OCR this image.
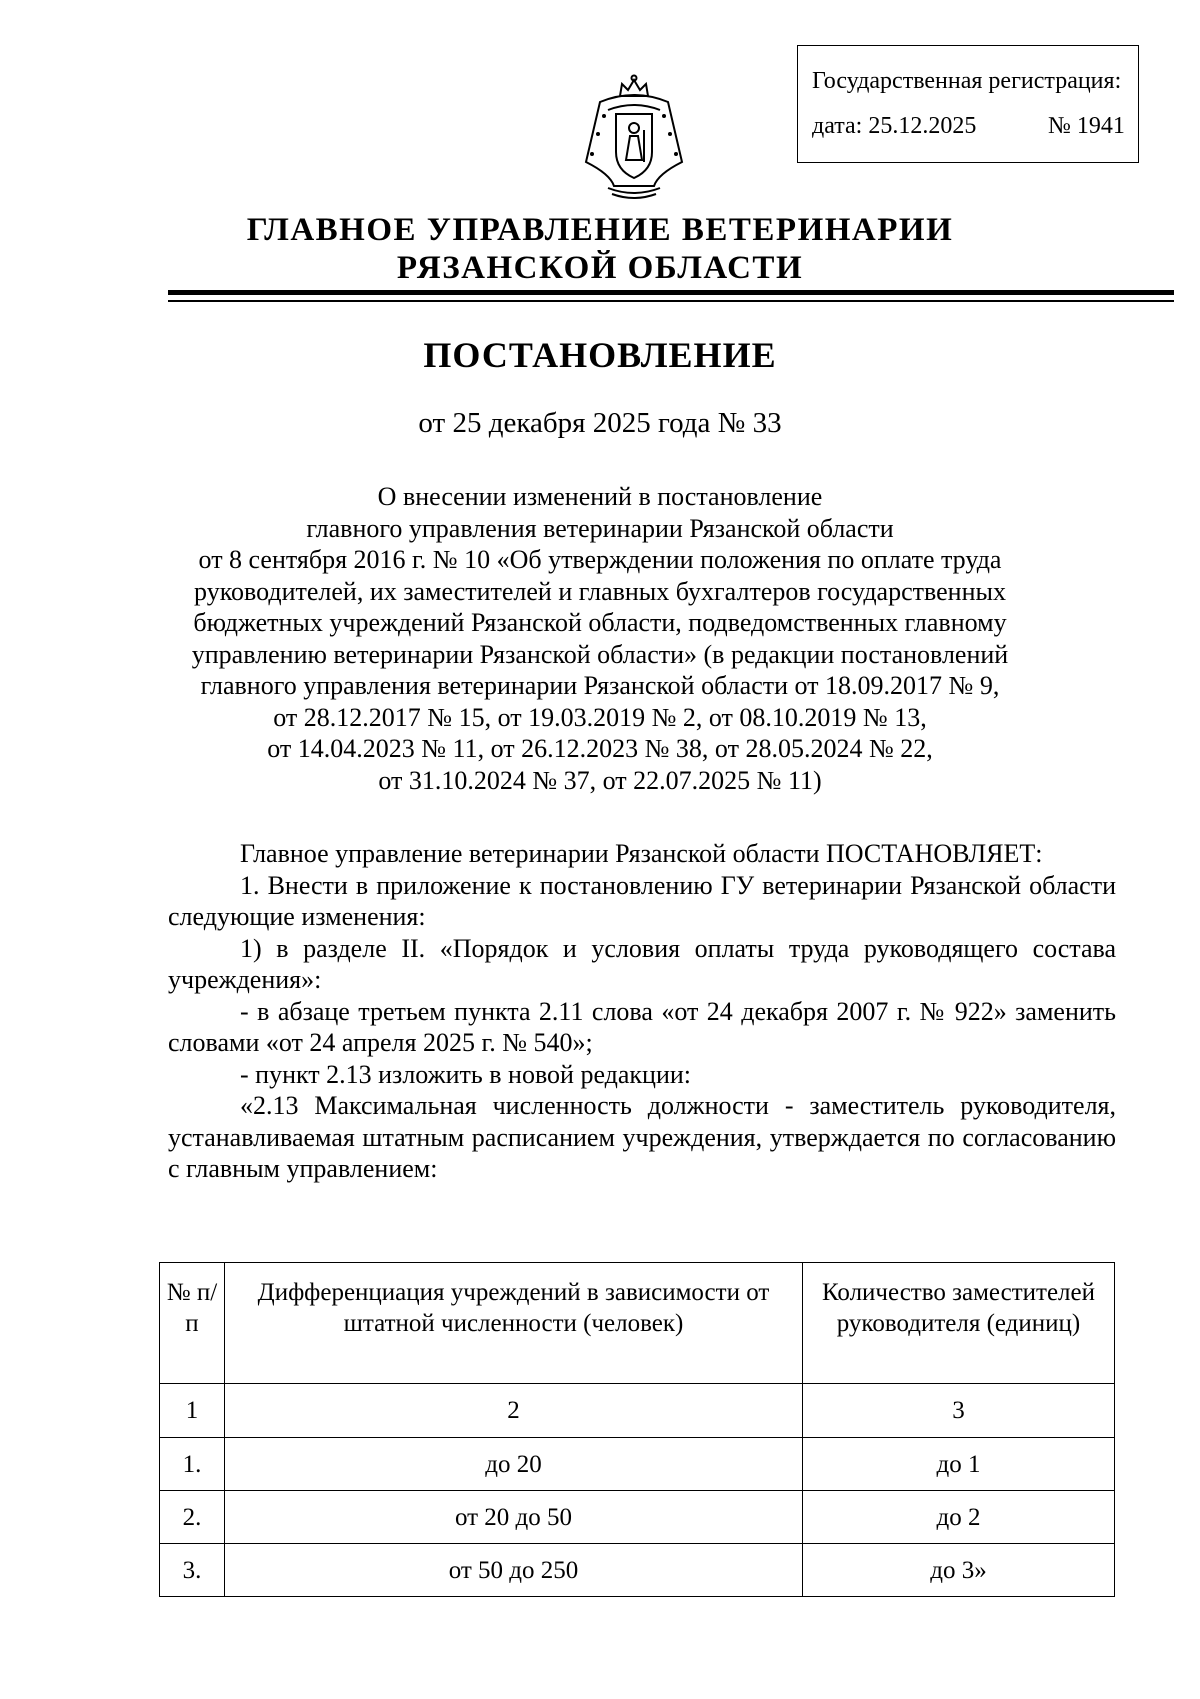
Государственная регистрация:
дата: 25.12.2025	№ 1941
ГЛАВНОЕ УПРАВЛЕНИЕ ВЕТЕРИНАРИИ
РЯЗАНСКОЙ ОБЛАСТИ
ПОСТАНОВЛЕНИЕ
от 25 декабря 2025 года № 33
О внесении изменений в постановление
главного управления ветеринарии Рязанской области
от 8 сентября 2016 г. № 10 «Об утверждении положения по оплате труда
руководителей, их заместителей и главных бухгалтеров государственных
бюджетных учреждений Рязанской области, подведомственных главному
управлению ветеринарии Рязанской области» (в редакции постановлений
главного управления ветеринарии Рязанской области от 18.09.2017 № 9,
от 28.12.2017 № 15, от 19.03.2019 № 2, от 08.10.2019 № 13,
от 14.04.2023 № 11, от 26.12.2023 № 38, от 28.05.2024 № 22,
от 31.10.2024 № 37, от 22.07.2025 № 11)

Главное управление ветеринарии Рязанской области ПОСТАНОВЛЯЕТ:

1. Внести в приложение к постановлению ГУ ветеринарии Рязанской области следующие изменения:

1) в разделе II. «Порядок и условия оплаты труда руководящего состава учреждения»:

- в абзаце третьем пункта 2.11 слова «от 24 декабря 2007 г. № 922» заменить словами «от 24 апреля 2025 г. № 540»;

- пункт 2.13 изложить в новой редакции:

«2.13 Максимальная численность должности - заместитель руководителя, устанавливаемая штатным расписанием учреждения, утверждается по согласованию с главным управлением:

№ п/п	Дифференциация учреждений в зависимости от штатной численности (человек)	Количество заместителей руководителя (единиц)
1	2	3
1.	до 20	до 1
2.	от 20 до 50	до 2
3.	от 50 до 250	до 3»
